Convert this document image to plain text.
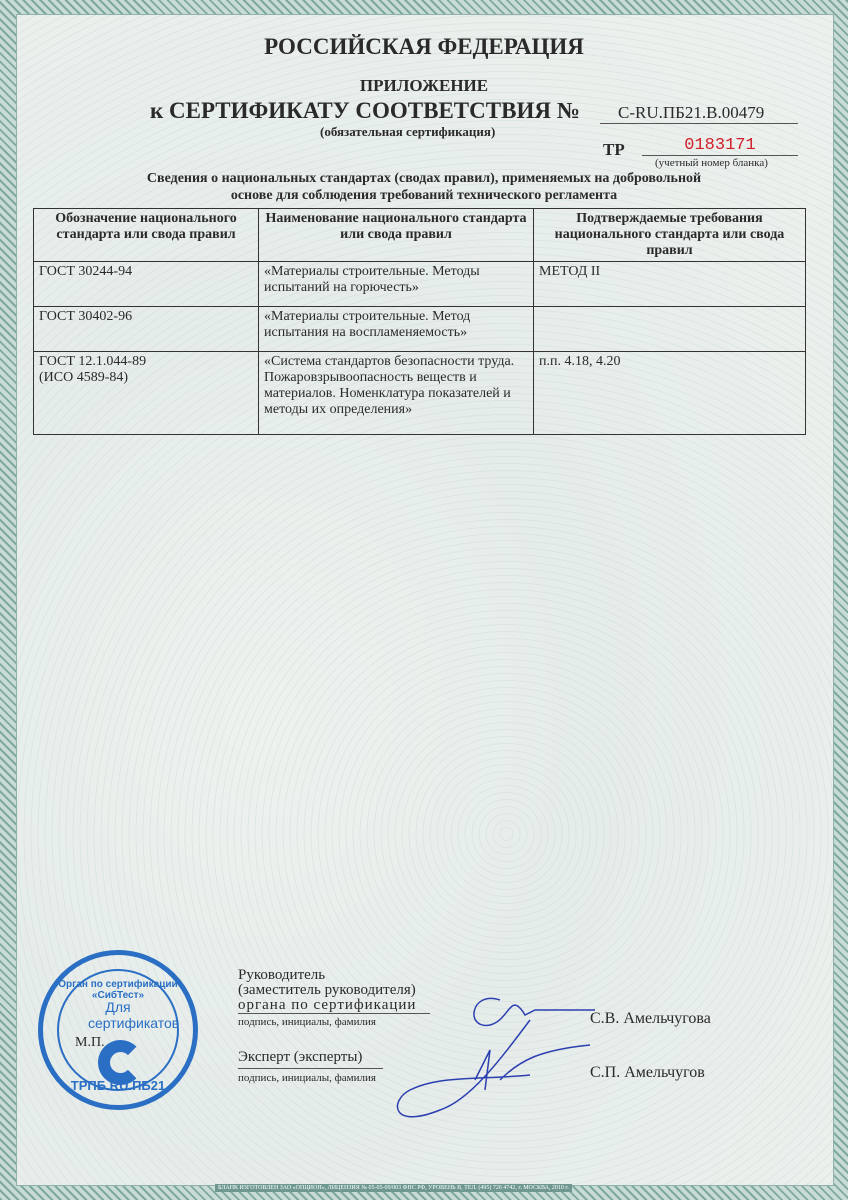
РОССИЙСКАЯ ФЕДЕРАЦИЯ
ПРИЛОЖЕНИЕ
к СЕРТИФИКАТУ СООТВЕТСТВИЯ №	С-RU.ПБ21.В.00479
(обязательная сертификация)
ТР	0183171
(учетный номер бланка)
Сведения о национальных стандартах (сводах правил), применяемых на добровольной
основе для соблюдения требований технического регламента
Обозначение национального стандарта или свода правил	Наименование национального стандарта или свода правил	Подтверждаемые требования национального стандарта или свода правил
ГОСТ 30244-94	«Материалы строительные. Методы испытаний на горючесть»	МЕТОД II
ГОСТ 30402-96	«Материалы строительные. Метод испытания на воспламеняемость»	
ГОСТ 12.1.044-89
(ИСО 4589-84)	«Система стандартов безопасности труда. Пожаровзрывоопасность веществ и материалов. Номенклатура показателей и методы их определения»	п.п. 4.18, 4.20
Орган по сертификации «СибТест»
Для сертификатов
ТРПБ.RU.ПБ21
М.П.
Руководитель
(заместитель руководителя)
органа по сертификации
подпись, инициалы, фамилия	С.В. Амельчугова
Эксперт (эксперты)
подпись, инициалы, фамилия	С.П. Амельчугов
БЛАНК ИЗГОТОВЛЕН ЗАО «ОПЦИОН», ЛИЦЕНЗИЯ № 05-05-09/003 ФНС РФ, УРОВЕНЬ B, ТЕЛ. (495) 726 4742, г. МОСКВА, 2010 г.
